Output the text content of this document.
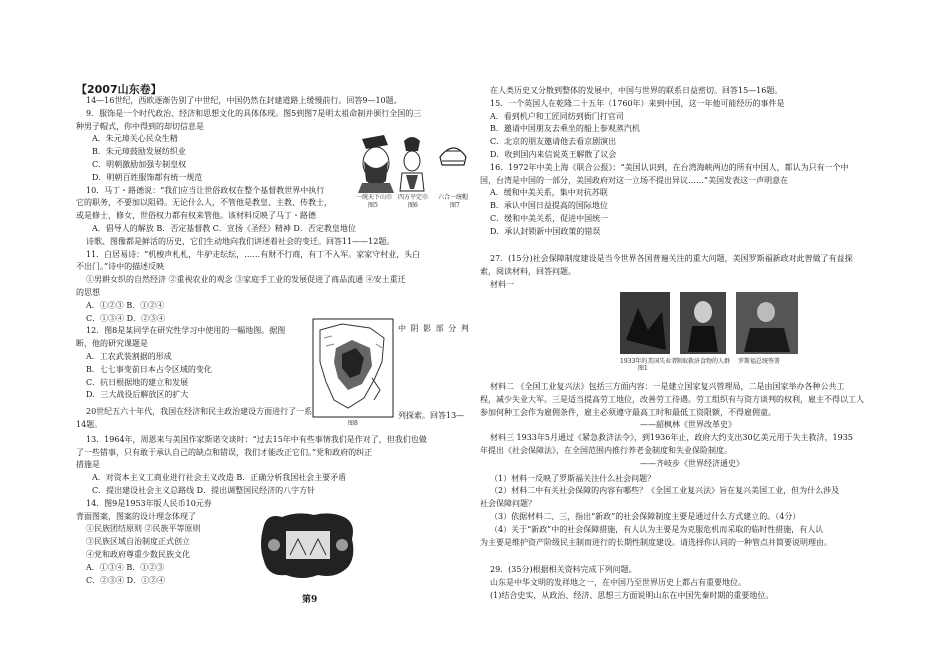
【2007山东卷】
14—16世纪，西欧逐渐告别了中世纪，中国仍然在封建道路上缓慢前行。回答9—10题。
9．服饰是一个时代政治、经济和思想文化的具体体现。图5到图7是明太祖命制并颁行全国的三
种男子帽式，你中得到的却切信息是
A．朱元璋关心民众生精
B．朱元璋鼓励发展纺织业
C．明朝激励加强专制皇权
D．明朝百姓服饰都有统一规范
10．马丁・路德说：“我们应当让世俗政权在整个基督教世界中执行
它的职务，不要加以阻碍。无论什么人，不管他是教皇、主教、传教士，
或是修士，修女，世俗权力都有权来管他。该材料反映了马丁・路德
A．倡导人的解放 B．否定基督教 C．宣扬《圣经》精神 D．否定教皇地位
诗歌、图像都是鲜活的历史，它们生动地向我们讲述着社会的变迁。回答11——12题。
11．白居易诗：“机梭声札札，牛驴走纭纭，……有财不行商，有丁不入军。家家守村业，头白
不出门。”诗中的描述反映
①男耕女织的自然经济 ②重视农业的观念 ③家庭手工业的发展促进了商品流通 ④安土重迁
的思想
A．①②③ B．①②④
C．①③④ D．②③④
12．图8是某同学在研究性学习中使用的一幅地图。据图
断，他的研究课题是
A．工农武装割据的形成
B．七七事变前日本占令区域的变化
C．抗日根据地的建立和发展
D．三大战役后解放区的扩大
20世纪五六十年代，我国在经济和民主政治建设方面进行了一系
14题。
13．1964年，周恩来与美国作家斯诺交谈时：“过去15年中有些事情我们是作对了，但我们也做
了一些错事，只有敢于承认自己的缺点和错误，我们才能改正它们。”党和政府的纠正
措施是
A．对资本主义工商业进行社会主义改造 B．正确分析我国社会主要矛盾
C．提出建设社会主义总路线 D．提出调整国民经济的八字方针
14．图9是1953年版人民币10元券
背面图案，图案的设计理念体现了
①民族团结原则 ②民族平等原则
③民族区域自治制度正式创立
④党和政府尊重少数民族文化
A．①③④ B．①②③
C．②③④ D．①②④
一统天下山巾
图5
四方平定巾
图6
六合一统帽
图7
图8
第9
在人类历史又分散到整体的发展中，中国与世界的联系日益密切。回答15—16题。
15．一个英国人在乾隆二十五年（1760年）来到中国，这一年他可能经历的事件是
A．看到机户和工匠同纺到衙门打官司
B．邀请中国朋友去乘坐的船上参观蒸汽机
C．北京的朋友邀请他去看京剧演出
D．收到国内来信说英王解散了议会
16．1972年中美上海《联合公报》：“美国认识到，在台湾海峡两边的所有中国人，都认为只有一个中
国，台湾是中国的一部分，美国政府对这一立场不提出异议……”美国发表这一声明意在
A．缓和中美关系，集中对抗苏联
B．承认中国日益提高的国际地位
C．缓和中美关系，促进中国统一
D．承认封锁新中国政策的错误
27．(15分)社会保障制度建设是当今世界各国普遍关注的重大问题，美国罗斯福新政对此曾做了有益探
索，阅读材料，回答问题。
材料一
材料二 《全国工业复兴法》包括三方面内容：一是建立国家复兴管理局，二是由国家举办各种公共工
程，减少失业大军。三是适当提高劳工地位，改善劳工待遇。劳工组织有与资方谈判的权利，雇主不得以工人
参加何种工会作为雇佣条件，雇主必须遵守最高工时和最低工资限额，不得雇佣童。
——韶枫林《世界改革史》
材料三 1933年5月通过《紧急救济法令》，到1936年止，政府大约支出30亿美元用于失主救济，1935
年提出《社会保障法》，在全国范围内推行养老金制度和失业保险制度。
——齐岐步《世界经济通史》
（1）材料一反映了罗斯福关注什么社会问题？
（2）材料二中有关社会保障的内容有哪些？《全国工业复兴法》旨在复兴美国工业，但为什么涉及
社会保障问题？
（3）依据材料二、三，指出“新政”的社会保障制度主要是通过什么方式建立的。（4分）
（4）关于“新政”中的社会保障措施，有人认为主要是为克服危机而采取的临时性措施，有人认
为主要是维护资产阶级民主制而进行的长期性制度建设。请选择你认同的一种管点并简要说明理由。
29．(35分)根据相关资料完成下列问题。
山东是中华文明的发祥地之一，在中国乃至世界历史上都占有重要地位。
(1)结合史实，从政治、经济、思想三方面说明山东在中国先秦时期的重要地位。
1933年的美国失业者
图1
领取救济食物的人群 罗斯福总统签署
中 阴 影 部 分 判
列探索。回答13—
